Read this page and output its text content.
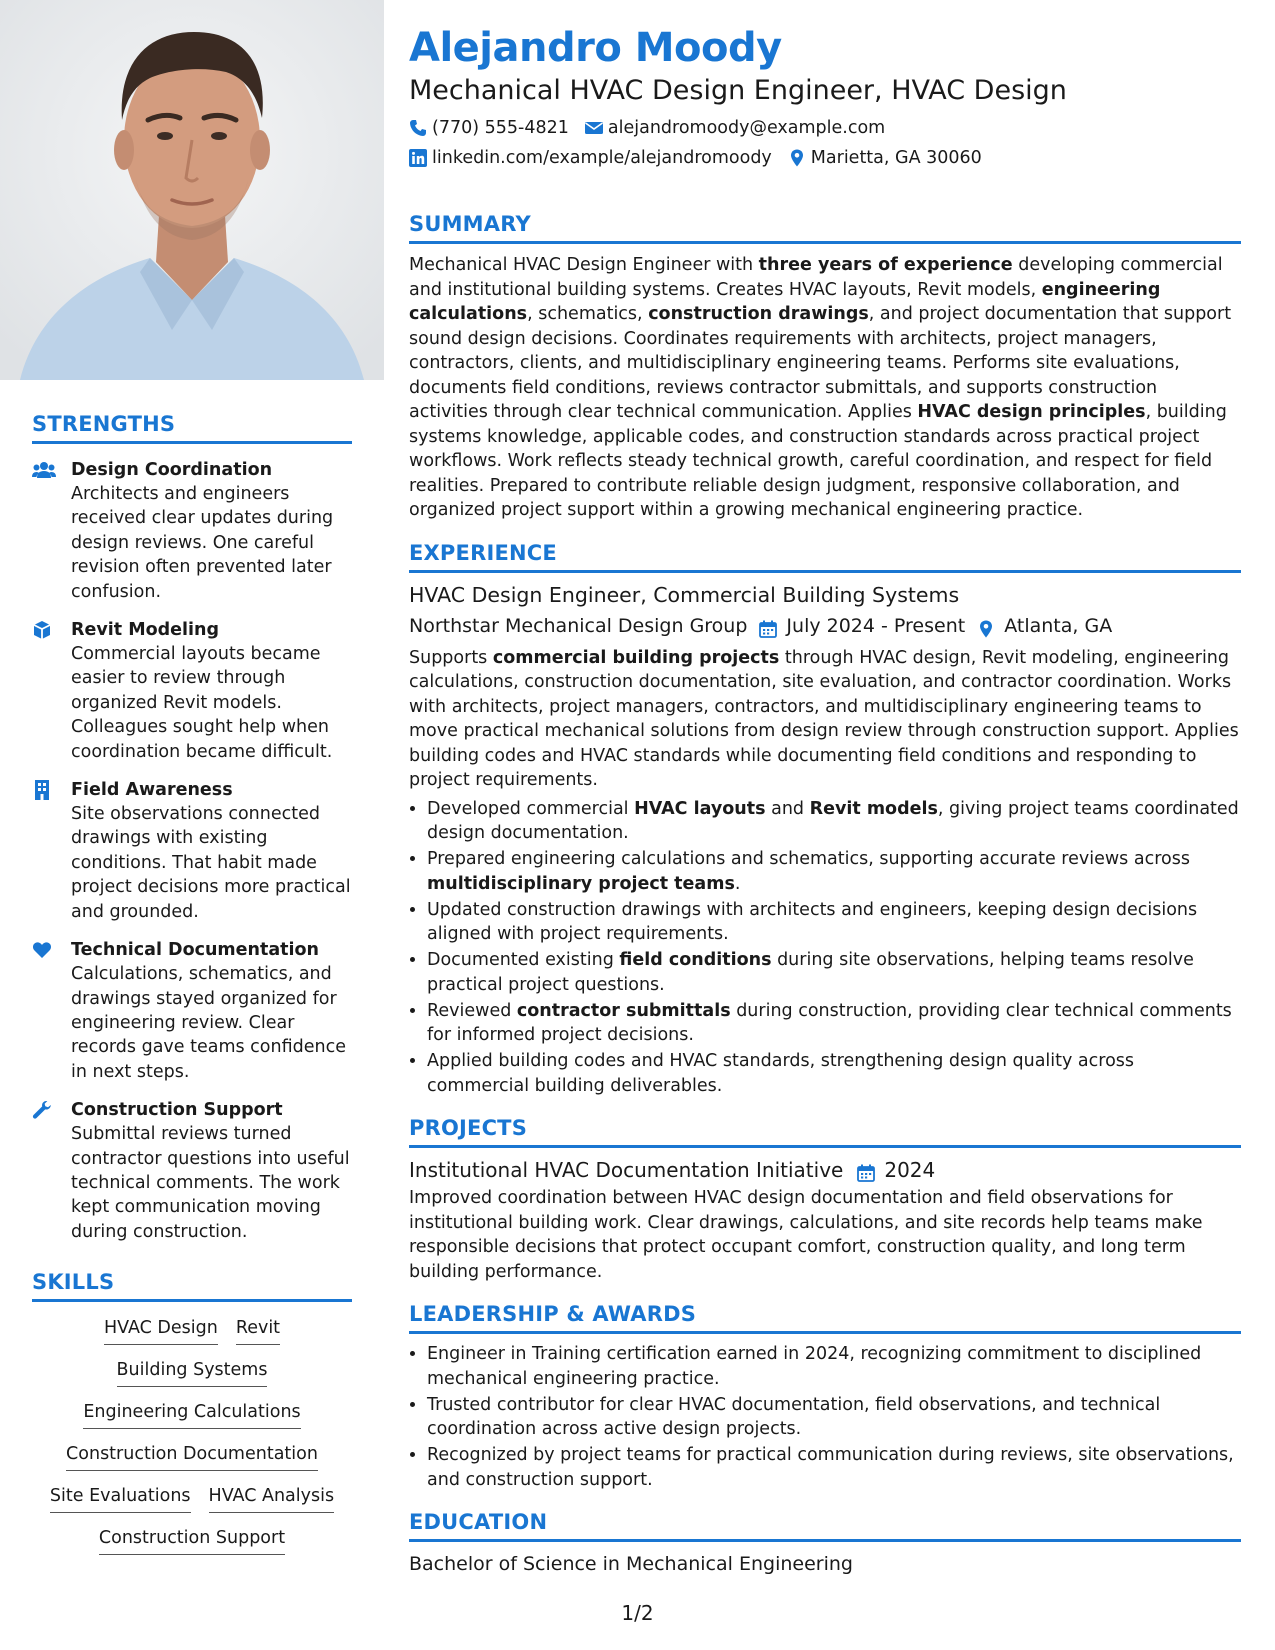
STRENGTHS
Design Coordination
Architects and engineers received clear updates during design reviews. One careful revision often prevented later confusion.
Revit Modeling
Commercial layouts became easier to review through organized Revit models. Colleagues sought help when coordination became difficult.
Field Awareness
Site observations connected drawings with existing conditions. That habit made project decisions more practical and grounded.
Technical Documentation
Calculations, schematics, and drawings stayed organized for engineering review. Clear records gave teams confidence in next steps.
Construction Support
Submittal reviews turned contractor questions into useful technical comments. The work kept communication moving during construction.
SKILLS
HVAC Design Revit
Building Systems
Engineering Calculations
Construction Documentation
Site Evaluations HVAC Analysis
Construction Support
Alejandro Moody
Mechanical HVAC Design Engineer, HVAC Design
(770) 555-4821 alejandromoody@example.com
linkedin.com/example/alejandromoody Marietta, GA 30060
SUMMARY
Mechanical HVAC Design Engineer with three years of experience developing commercial and institutional building systems. Creates HVAC layouts, Revit models, engineering calculations, schematics, construction drawings, and project documentation that support sound design decisions. Coordinates requirements with architects, project managers, contractors, clients, and multidisciplinary engineering teams. Performs site evaluations, documents field conditions, reviews contractor submittals, and supports construction activities through clear technical communication. Applies HVAC design principles, building systems knowledge, applicable codes, and construction standards across practical project workflows. Work reflects steady technical growth, careful coordination, and respect for field realities. Prepared to contribute reliable design judgment, responsive collaboration, and organized project support within a growing mechanical engineering practice.
EXPERIENCE
HVAC Design Engineer, Commercial Building Systems
Northstar Mechanical Design Group July 2024 - Present Atlanta, GA
Supports commercial building projects through HVAC design, Revit modeling, engineering calculations, construction documentation, site evaluation, and contractor coordination. Works with architects, project managers, contractors, and multidisciplinary engineering teams to move practical mechanical solutions from design review through construction support. Applies building codes and HVAC standards while documenting field conditions and responding to project requirements.
• Developed commercial HVAC layouts and Revit models, giving project teams coordinated design documentation.
• Prepared engineering calculations and schematics, supporting accurate reviews across multidisciplinary project teams.
• Updated construction drawings with architects and engineers, keeping design decisions aligned with project requirements.
• Documented existing field conditions during site observations, helping teams resolve practical project questions.
• Reviewed contractor submittals during construction, providing clear technical comments for informed project decisions.
• Applied building codes and HVAC standards, strengthening design quality across commercial building deliverables.
PROJECTS
Institutional HVAC Documentation Initiative 2024
Improved coordination between HVAC design documentation and field observations for institutional building work. Clear drawings, calculations, and site records help teams make responsible decisions that protect occupant comfort, construction quality, and long term building performance.
LEADERSHIP & AWARDS
• Engineer in Training certification earned in 2024, recognizing commitment to disciplined mechanical engineering practice.
• Trusted contributor for clear HVAC documentation, field observations, and technical coordination across active design projects.
• Recognized by project teams for practical communication during reviews, site observations, and construction support.
EDUCATION
Bachelor of Science in Mechanical Engineering
1/2
